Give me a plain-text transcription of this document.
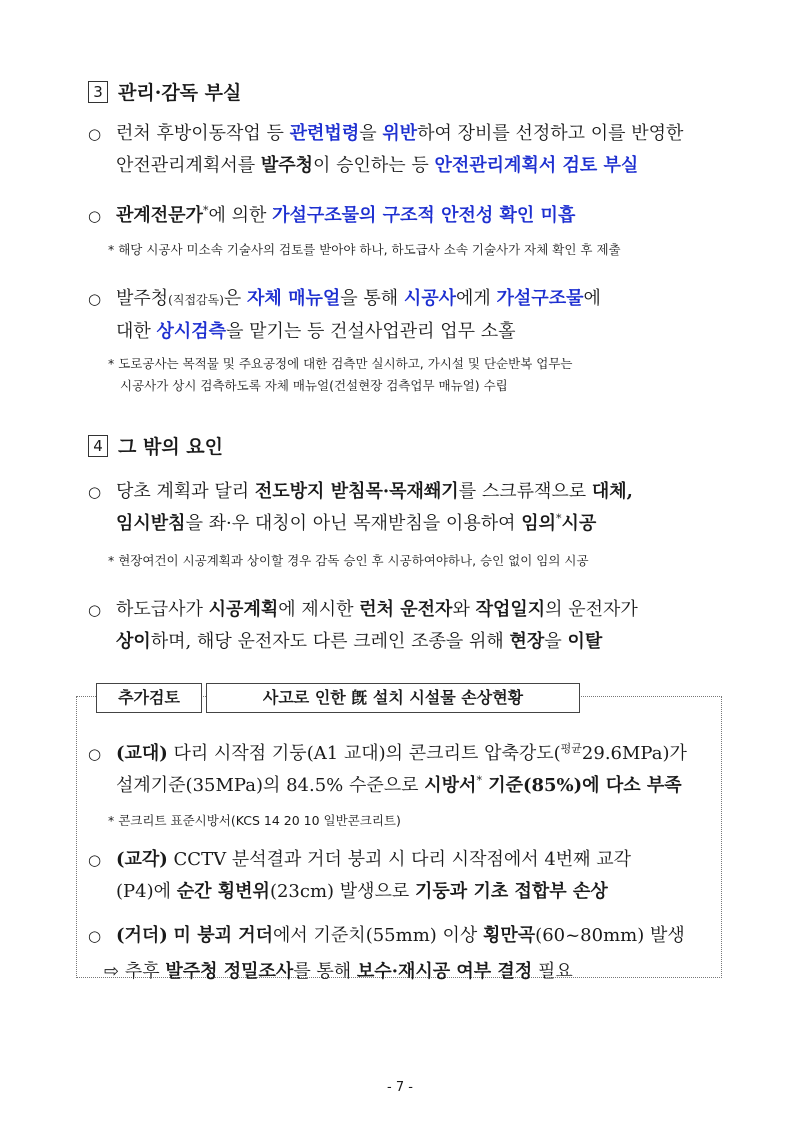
3 관리·감독 부실
○ 런처 후방이동작업 등 관련법령을 위반하여 장비를 선정하고 이를 반영한
안전관리계획서를 발주청이 승인하는 등 안전관리계획서 검토 부실
○ 관계전문가*에 의한 가설구조물의 구조적 안전성 확인 미흡
* 해당 시공사 미소속 기술사의 검토를 받아야 하나, 하도급사 소속 기술사가 자체 확인 후 제출
○ 발주청(직접감독)은 자체 매뉴얼을 통해 시공사에게 가설구조물에
대한 상시검측을 맡기는 등 건설사업관리 업무 소홀
* 도로공사는 목적물 및 주요공정에 대한 검측만 실시하고, 가시설 및 단순반복 업무는
시공사가 상시 검측하도록 자체 매뉴얼(건설현장 검측업무 매뉴얼) 수립
4 그 밖의 요인
○ 당초 계획과 달리 전도방지 받침목·목재쐐기를 스크류잭으로 대체,
임시받침을 좌·우 대칭이 아닌 목재받침을 이용하여 임의*시공
* 현장여건이 시공계획과 상이할 경우 감독 승인 후 시공하여야하나, 승인 없이 임의 시공
○ 하도급사가 시공계획에 제시한 런처 운전자와 작업일지의 운전자가
상이하며, 해당 운전자도 다른 크레인 조종을 위해 현장을 이탈
추가검토	사고로 인한 旣 설치 시설물 손상현황
○ (교대) 다리 시작점 기둥(A1 교대)의 콘크리트 압축강도($^{평균}$29.6MPa)가
설계기준(35MPa)의 84.5% 수준으로 시방서* 기준(85%)에 다소 부족
* 콘크리트 표준시방서(KCS 14 20 10 일반콘크리트)
○ (교각) CCTV 분석결과 거더 붕괴 시 다리 시작점에서 4번째 교각
(P4)에 순간 횡변위(23cm) 발생으로 기둥과 기초 접합부 손상
○ (거더) 미 붕괴 거더에서 기준치(55mm) 이상 횡만곡(60~80mm) 발생
⇨ 추후 발주청 정밀조사를 통해 보수·재시공 여부 결정 필요
- 7 -
